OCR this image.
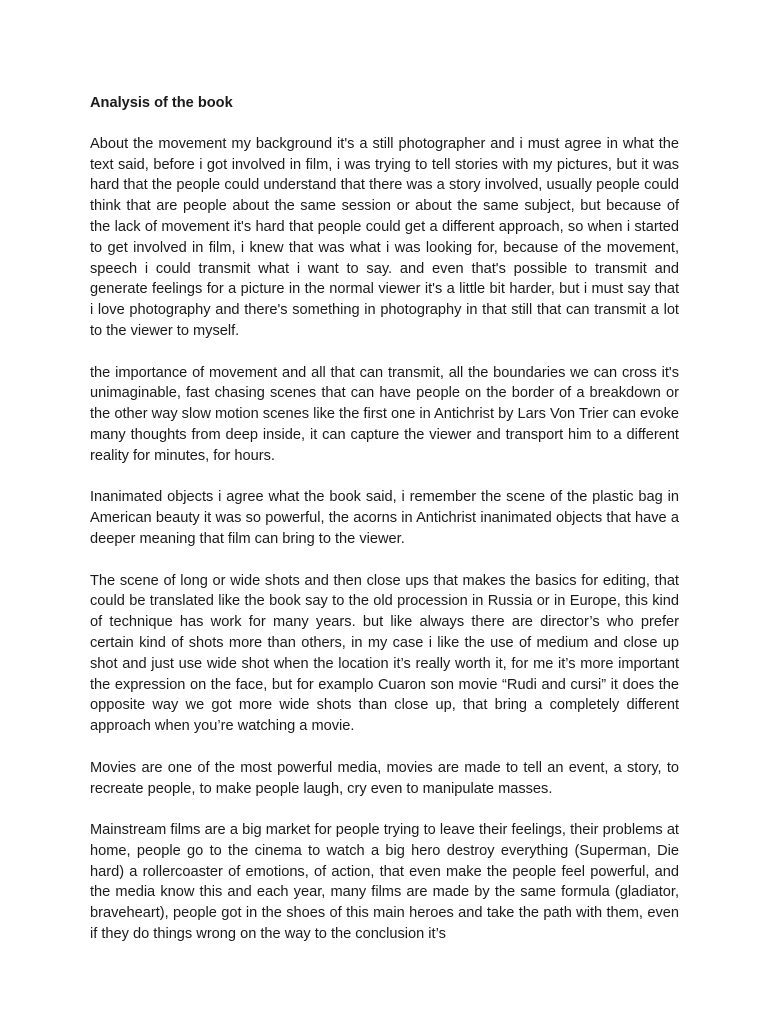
Analysis of the book

About the movement my background it's a still photographer and i must agree in what the text said, before i got involved in film, i was trying to tell stories with my pictures, but it was hard that the people could understand that there was a story involved, usually people could think that are people about the same session or about the same subject, but because of the lack of movement it's hard that people could get a different approach, so when i started to get involved in film, i knew that was what i was looking for, because of the movement, speech i could transmit what i want to say. and even that's possible to transmit and generate feelings for a picture in the normal viewer it's a little bit harder, but i must say that i love photography and there's something in photography in that still that can transmit a lot to the viewer to myself.

the importance of movement and all that can transmit, all the boundaries we can cross it's unimaginable, fast chasing scenes that can have people on the border of a breakdown or the other way slow motion scenes like the first one in Antichrist by Lars Von Trier can evoke many thoughts from deep inside, it can capture the viewer and transport him to a different reality for minutes, for hours.

Inanimated objects i agree what the book said, i remember the scene of the plastic bag in American beauty it was so powerful, the acorns in Antichrist inanimated objects that have a deeper meaning that film can bring to the viewer.

The scene of long or wide shots and then close ups that makes the basics for editing, that could be translated like the book say to the old procession in Russia or in Europe, this kind of technique has work for many years. but like always there are director’s who prefer certain kind of shots more than others, in my case i like the use of medium and close up shot and just use wide shot when the location it’s really worth it, for me it’s more important the expression on the face, but for examplo Cuaron son movie “Rudi and cursi” it does the opposite way we got more wide shots than close up, that bring a completely different approach when you’re watching a movie.

Movies are one of the most powerful media, movies are made to tell an event, a story, to recreate people, to make people laugh, cry even to manipulate masses.

Mainstream films are a big market for people trying to leave their feelings, their problems at home, people go to the cinema to watch a big hero destroy everything (Superman, Die hard) a rollercoaster of emotions, of action, that even make the people feel powerful, and the media know this and each year, many films are made by the same formula (gladiator, braveheart), people got in the shoes of this main heroes and take the path with them, even if they do things wrong on the way to the conclusion it’s
